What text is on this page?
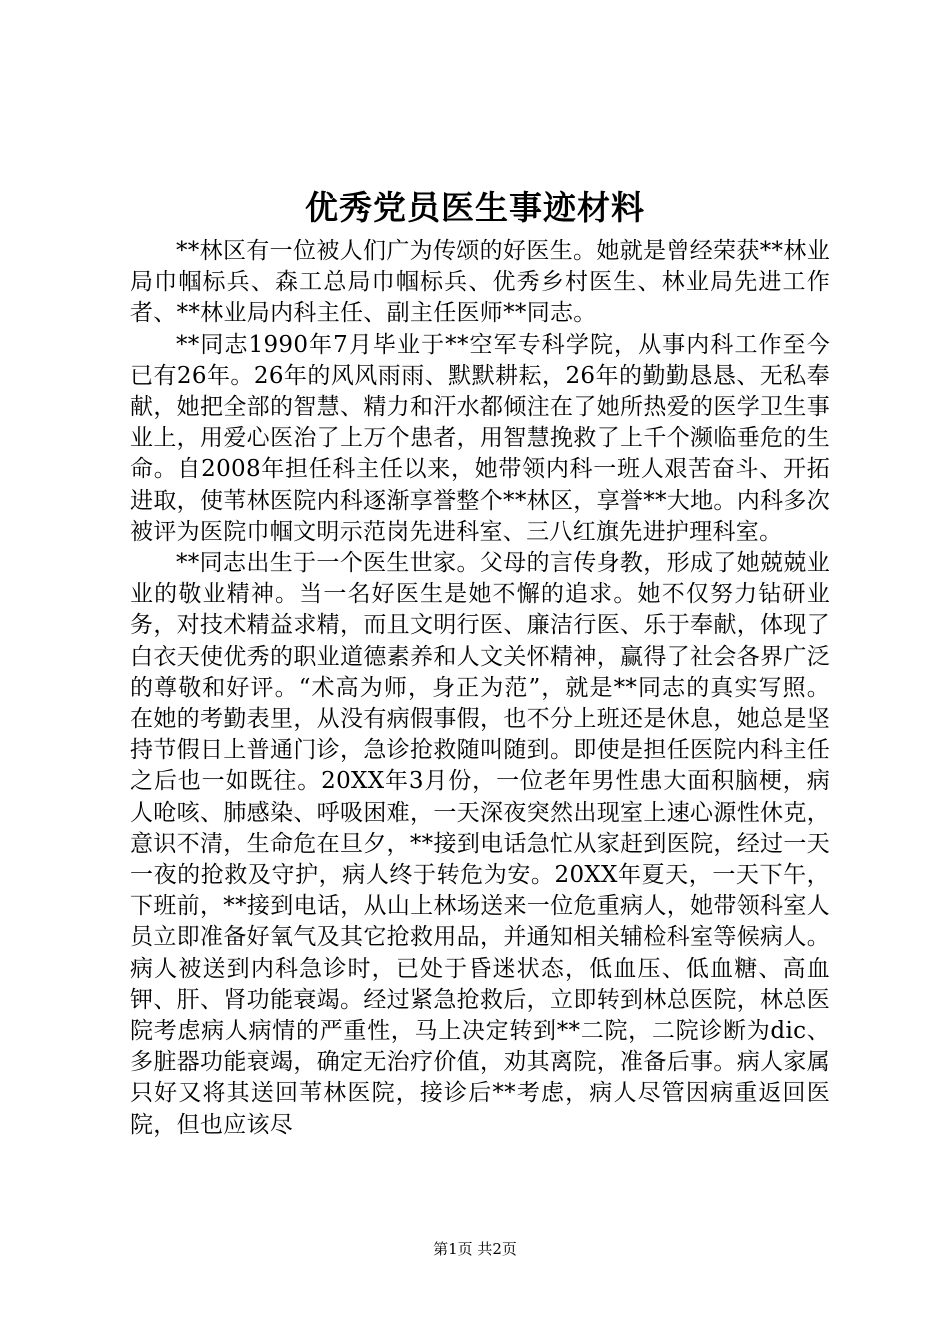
优秀党员医生事迹材料

**林区有一位被人们广为传颂的好医生。她就是曾经荣获**林业局巾帼标兵、森工总局巾帼标兵、优秀乡村医生、林业局先进工作者、**林业局内科主任、副主任医师**同志。

**同志1990年7月毕业于**空军专科学院，从事内科工作至今已有26年。26年的风风雨雨、默默耕耘，26年的勤勤恳恳、无私奉献，她把全部的智慧、精力和汗水都倾注在了她所热爱的医学卫生事业上，用爱心医治了上万个患者，用智慧挽救了上千个濒临垂危的生命。自2008年担任科主任以来，她带领内科一班人艰苦奋斗、开拓进取，使苇林医院内科逐渐享誉整个**林区，享誉**大地。内科多次被评为医院巾帼文明示范岗先进科室、三八红旗先进护理科室。

**同志出生于一个医生世家。父母的言传身教，形成了她兢兢业业的敬业精神。当一名好医生是她不懈的追求。她不仅努力钻研业务，对技术精益求精，而且文明行医、廉洁行医、乐于奉献，体现了白衣天使优秀的职业道德素养和人文关怀精神，赢得了社会各界广泛的尊敬和好评。“术高为师，身正为范”，就是**同志的真实写照。在她的考勤表里，从没有病假事假，也不分上班还是休息，她总是坚持节假日上普通门诊，急诊抢救随叫随到。即使是担任医院内科主任之后也一如既往。20XX年3月份，一位老年男性患大面积脑梗，病人呛咳、肺感染、呼吸困难，一天深夜突然出现室上速心源性休克，意识不清，生命危在旦夕，**接到电话急忙从家赶到医院，经过一天一夜的抢救及守护，病人终于转危为安。20XX年夏天，一天下午，下班前，**接到电话，从山上林场送来一位危重病人，她带领科室人员立即准备好氧气及其它抢救用品，并通知相关辅检科室等候病人。病人被送到内科急诊时，已处于昏迷状态，低血压、低血糖、高血钾、肝、肾功能衰竭。经过紧急抢救后，立即转到林总医院，林总医院考虑病人病情的严重性，马上决定转到**二院，二院诊断为dic、多脏器功能衰竭，确定无治疗价值，劝其离院，准备后事。病人家属只好又将其送回苇林医院，接诊后**考虑，病人尽管因病重返回医院，但也应该尽

第1页 共2页
